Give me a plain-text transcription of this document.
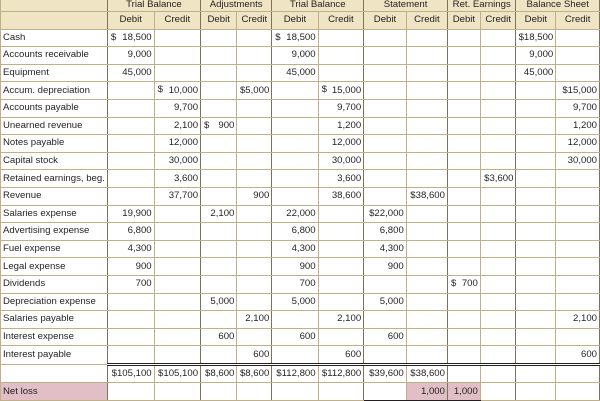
	Trial Balance		Adjustments		Trial Balance		Statement		Ret. Earnings		Balance Sheet	
	Debit	Credit	Debit	Credit	Debit	Credit	Debit	Credit	Debit	Credit	Debit	Credit
Cash	$ 18,500				$ 18,500						$18,500	
Accounts receivable	9,000				9,000						9,000	
Equipment	45,000				45,000						45,000	
Accum. depreciation		$ 10,000		$5,000		$ 15,000						$15,000
Accounts payable		9,700				9,700						9,700
Unearned revenue		2,100	$ 900			1,200						1,200
Notes payable		12,000				12,000						12,000
Capital stock		30,000				30,000						30,000
Retained earnings, beg.		3,600				3,600				$3,600		
Revenue		37,700		900		38,600		$38,600				
Salaries expense	19,900		2,100		22,000		$22,000					
Advertising expense	6,800				6,800		6,800					
Fuel expense	4,300				4,300		4,300					
Legal expense	900				900		900					
Dividends	700				700				$ 700			
Depreciation expense			5,000		5,000		5,000					
Salaries payable				2,100		2,100						2,100
Interest expense			600		600		600					
Interest payable				600		600						600
	$105,100	$105,100	$8,600	$8,600	$112,800	$112,800	$39,600	$38,600				
Net loss								1,000	1,000			
